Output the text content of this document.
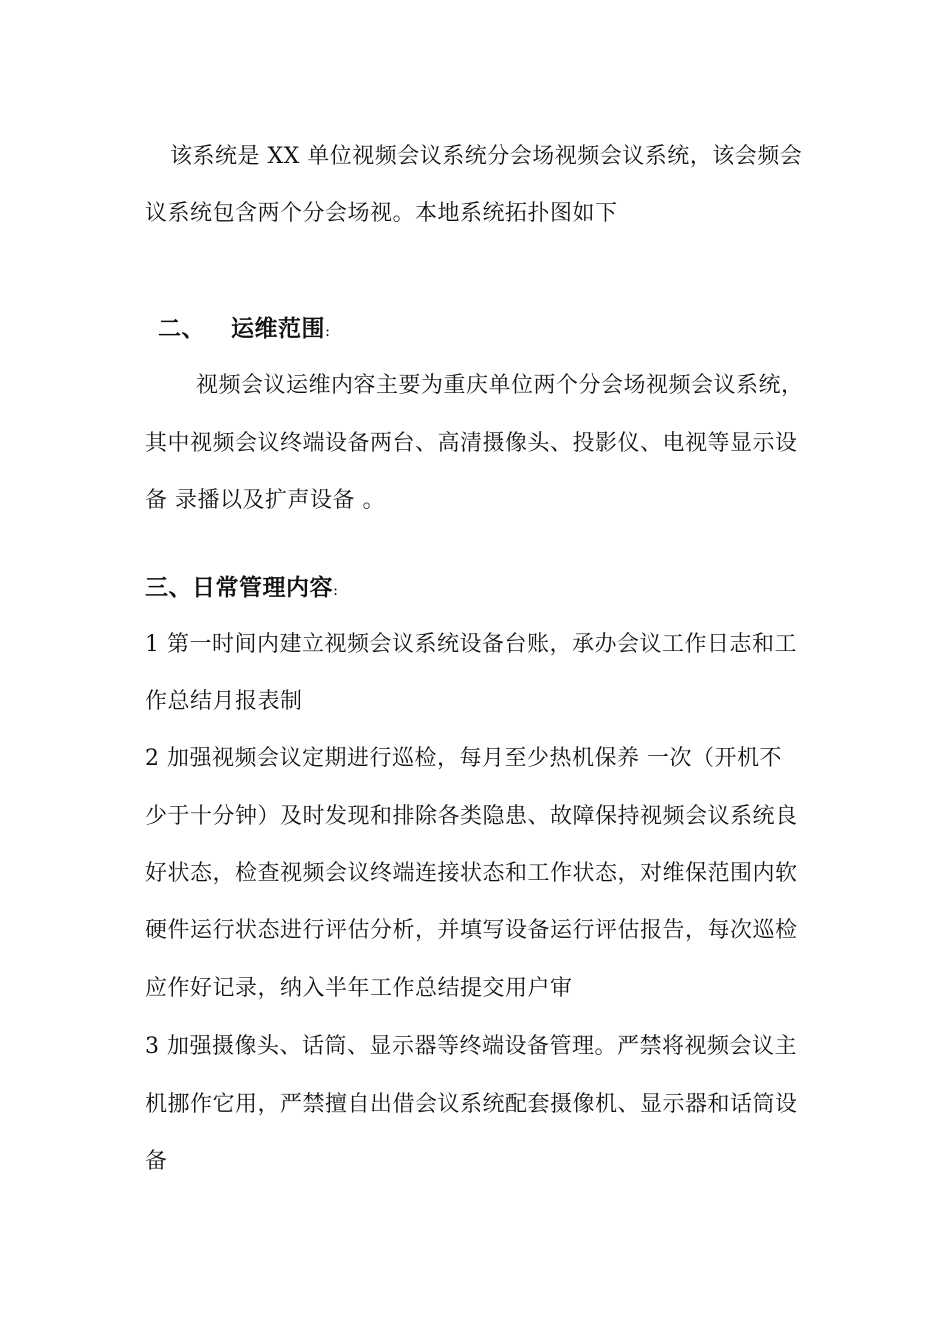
该系统是 XX 单位视频会议系统分会场视频会议系统，该会频会
议系统包含两个分会场视。本地系统拓扑图如下
二、 运维范围:
视频会议运维内容主要为重庆单位两个分会场视频会议系统，
其中视频会议终端设备两台、高清摄像头、投影仪、电视等显示设
备 录播以及扩声设备 。
三、日常管理内容:
1 第一时间内建立视频会议系统设备台账，承办会议工作日志和工
作总结月报表制
2 加强视频会议定期进行巡检，每月至少热机保养 一次（开机不
少于十分钟）及时发现和排除各类隐患、故障保持视频会议系统良
好状态，检查视频会议终端连接状态和工作状态，对维保范围内软
硬件运行状态进行评估分析，并填写设备运行评估报告，每次巡检
应作好记录，纳入半年工作总结提交用户审
3 加强摄像头、话筒、显示器等终端设备管理。严禁将视频会议主
机挪作它用，严禁擅自出借会议系统配套摄像机、显示器和话筒设
备
